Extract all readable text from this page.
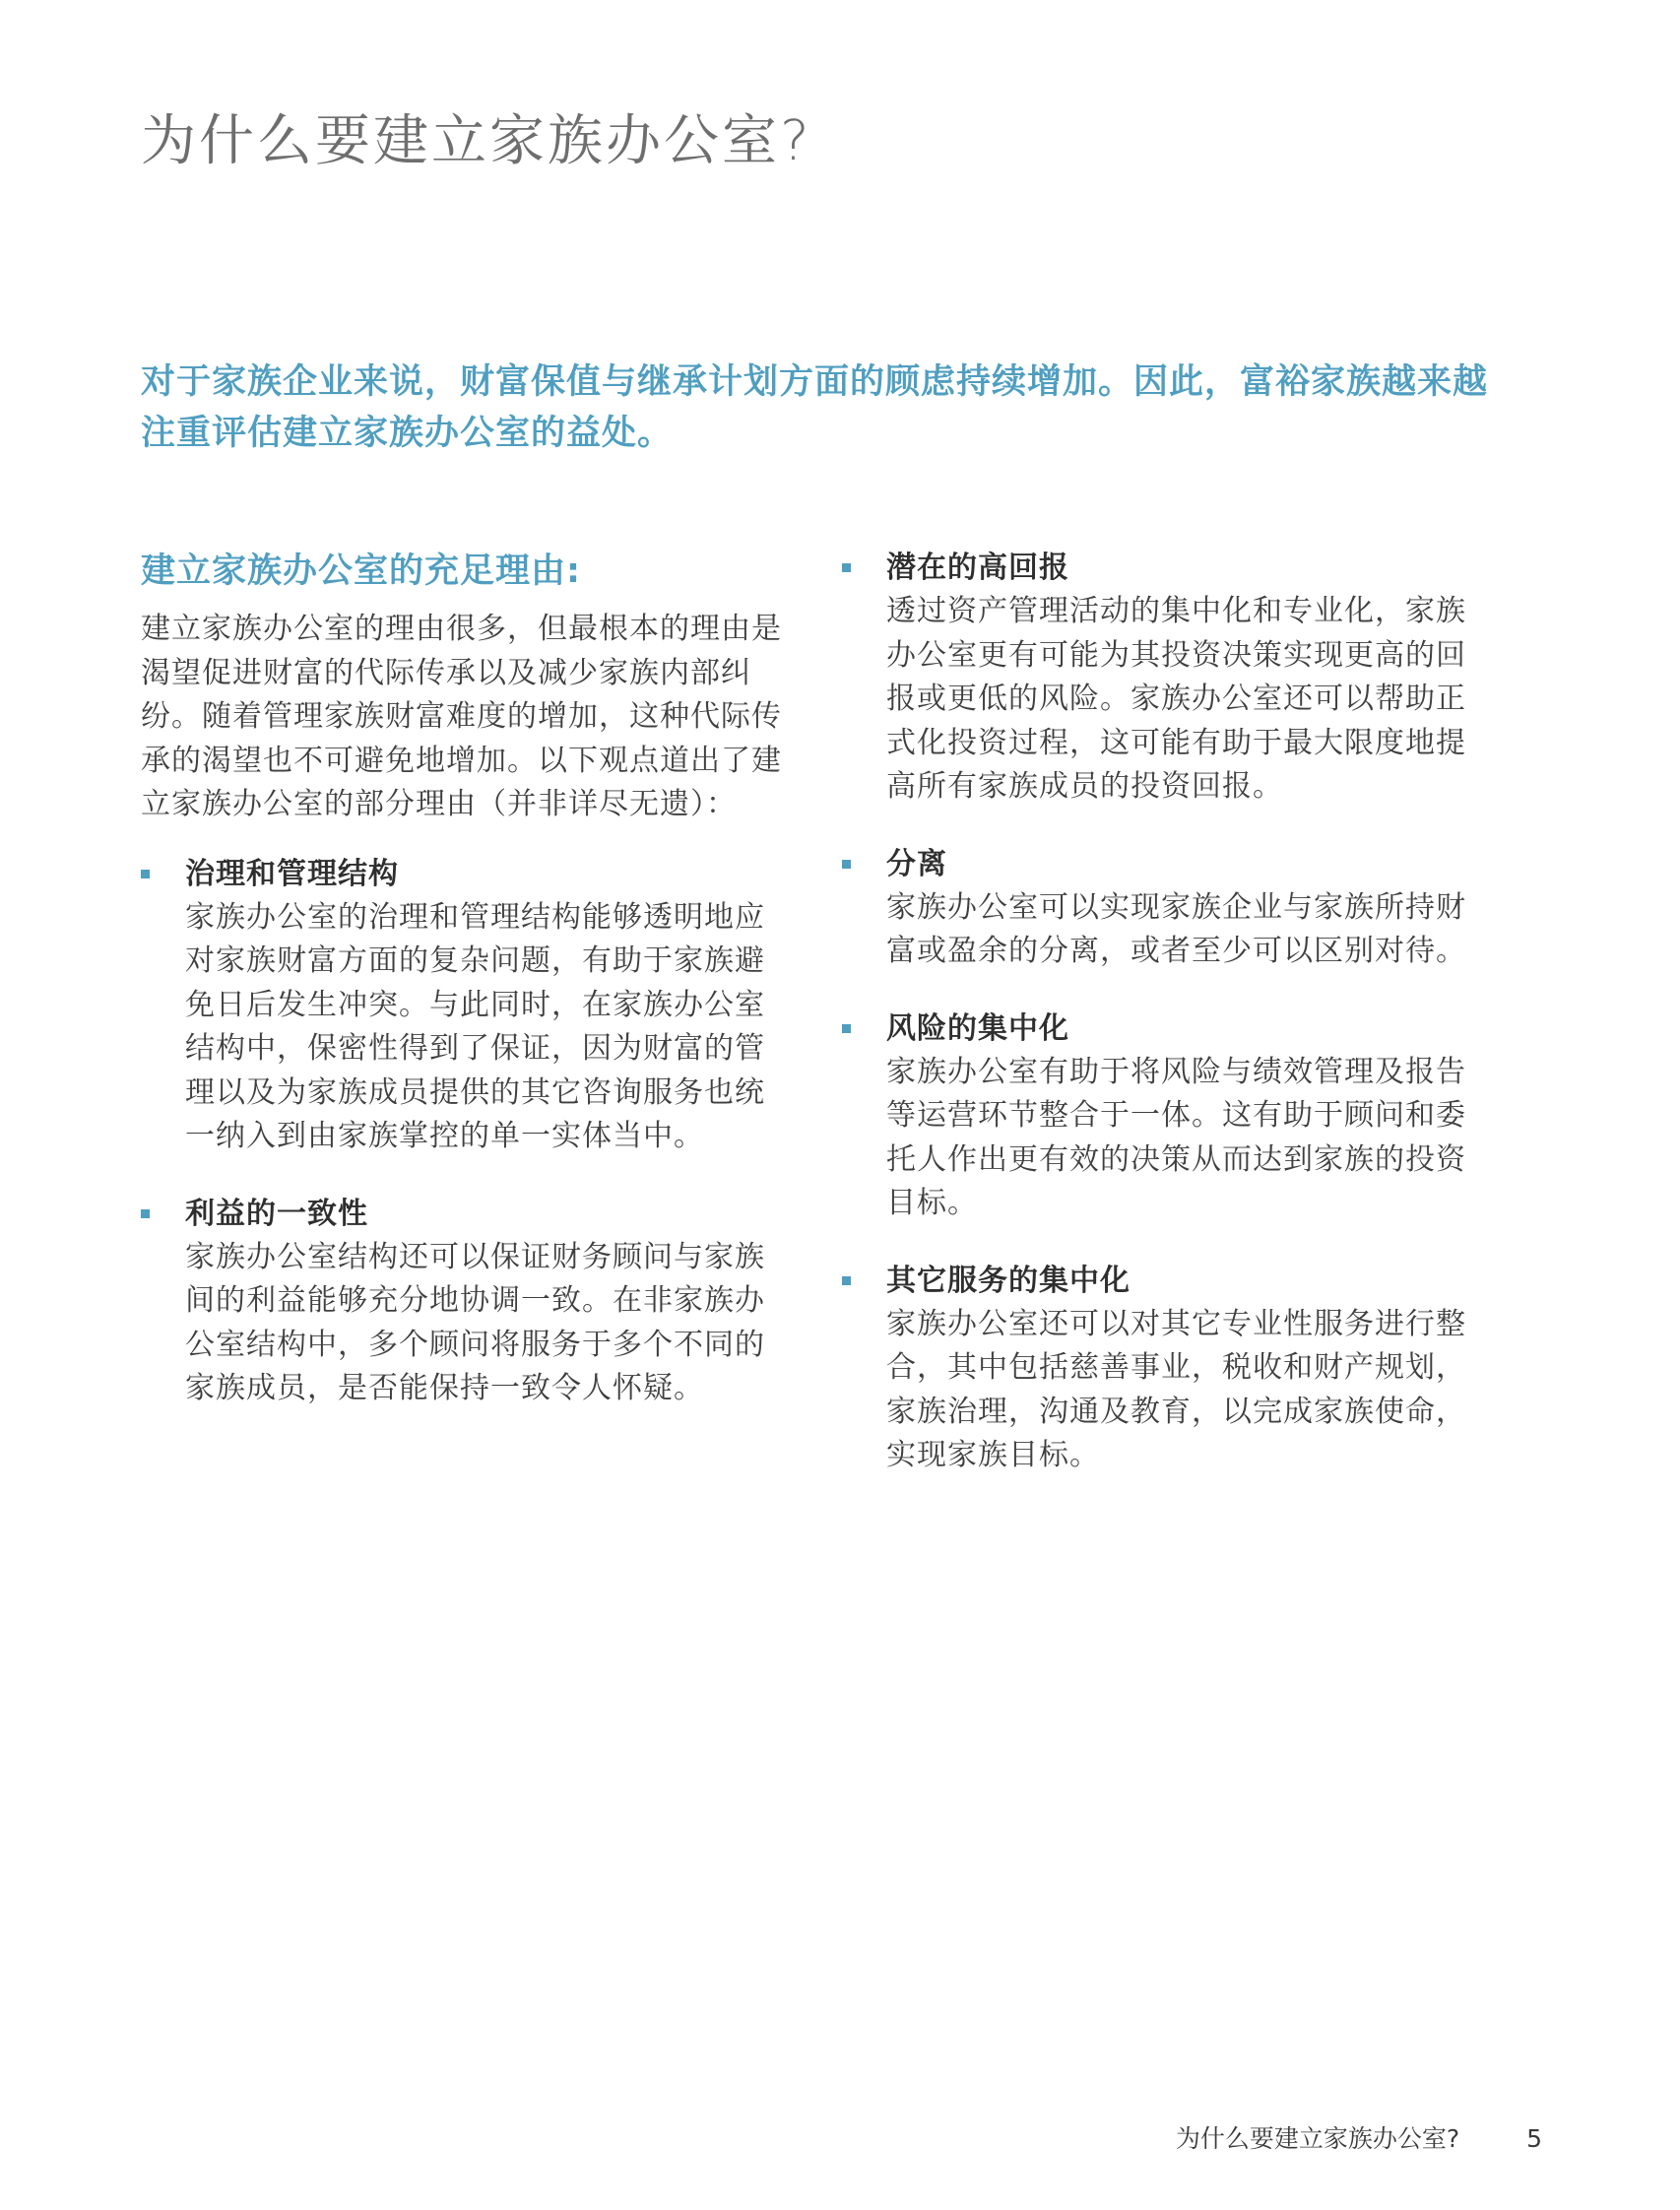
为什么要建立家族办公室?
对于家族企业来说，财富保值与继承计划方面的顾虑持续增加。因此，富裕家族越来越注重评估建立家族办公室的益处。
建立家族办公室的充足理由:
建立家族办公室的理由很多，但最根本的理由是渴望促进财富的代际传承以及减少家族内部纠纷。随着管理家族财富难度的增加，这种代际传承的渴望也不可避免地增加。以下观点道出了建立家族办公室的部分理由（并非详尽无遗）：
治理和管理结构
家族办公室的治理和管理结构能够透明地应对家族财富方面的复杂问题，有助于家族避免日后发生冲突。与此同时，在家族办公室结构中，保密性得到了保证，因为财富的管理以及为家族成员提供的其它咨询服务也统一纳入到由家族掌控的单一实体当中。
利益的一致性
家族办公室结构还可以保证财务顾问与家族间的利益能够充分地协调一致。在非家族办公室结构中，多个顾问将服务于多个不同的家族成员，是否能保持一致令人怀疑。
潜在的高回报
透过资产管理活动的集中化和专业化，家族办公室更有可能为其投资决策实现更高的回报或更低的风险。家族办公室还可以帮助正式化投资过程，这可能有助于最大限度地提高所有家族成员的投资回报。
分离
家族办公室可以实现家族企业与家族所持财富或盈余的分离，或者至少可以区别对待。
风险的集中化
家族办公室有助于将风险与绩效管理及报告等运营环节整合于一体。这有助于顾问和委托人作出更有效的决策从而达到家族的投资目标。
其它服务的集中化
家族办公室还可以对其它专业性服务进行整合，其中包括慈善事业，税收和财产规划，家族治理，沟通及教育，以完成家族使命，实现家族目标。
为什么要建立家族办公室?	5
